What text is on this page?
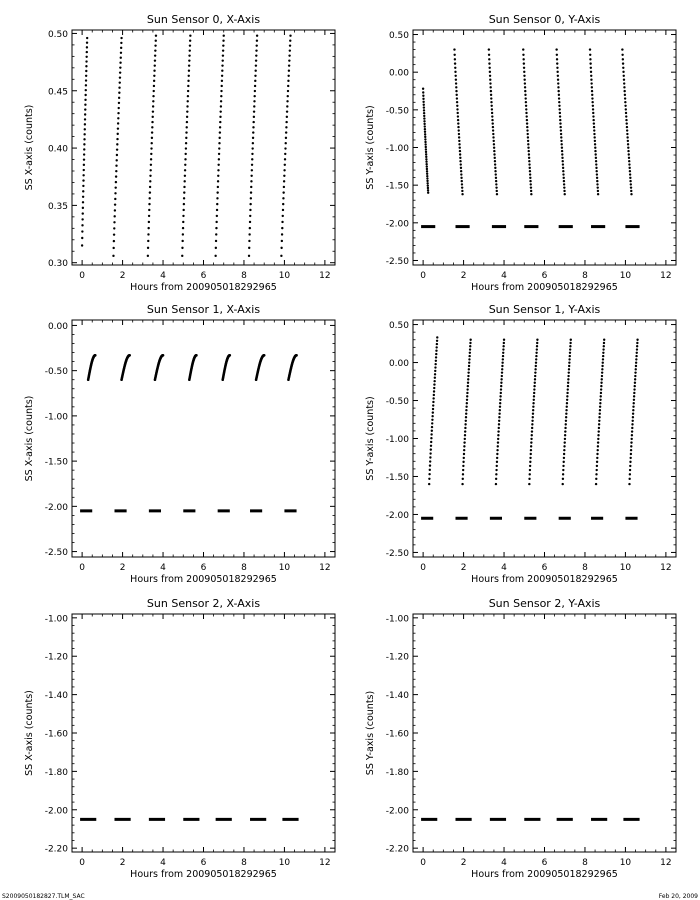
Sun Sensor 0, X-Axis
0	2	4	6	8	10	12
0.30
0.35
0.40
0.45
0.50
Hours from 200905018292965
SS X-axis (counts)
Sun Sensor 0, Y-Axis
0	2	4	6	8	10	12
0.50
0.00
-0.50
-1.00
-1.50
-2.00
-2.50
Hours from 200905018292965
SS Y-axis (counts)
Sun Sensor 1, X-Axis
0	2	4	6	8	10	12
0.00
-0.50
-1.00
-1.50
-2.00
-2.50
Hours from 200905018292965
SS X-axis (counts)
Sun Sensor 1, Y-Axis
0	2	4	6	8	10	12
0.50
0.00
-0.50
-1.00
-1.50
-2.00
-2.50
Hours from 200905018292965
SS Y-axis (counts)
Sun Sensor 2, X-Axis
0	2	4	6	8	10	12
-1.00
-1.20
-1.40
-1.60
-1.80
-2.00
-2.20
Hours from 200905018292965
SS X-axis (counts)
Sun Sensor 2, Y-Axis
0	2	4	6	8	10	12
-1.00
-1.20
-1.40
-1.60
-1.80
-2.00
-2.20
Hours from 200905018292965
SS Y-axis (counts)
S2009050182827.TLM_SAC	Feb 20, 2009
